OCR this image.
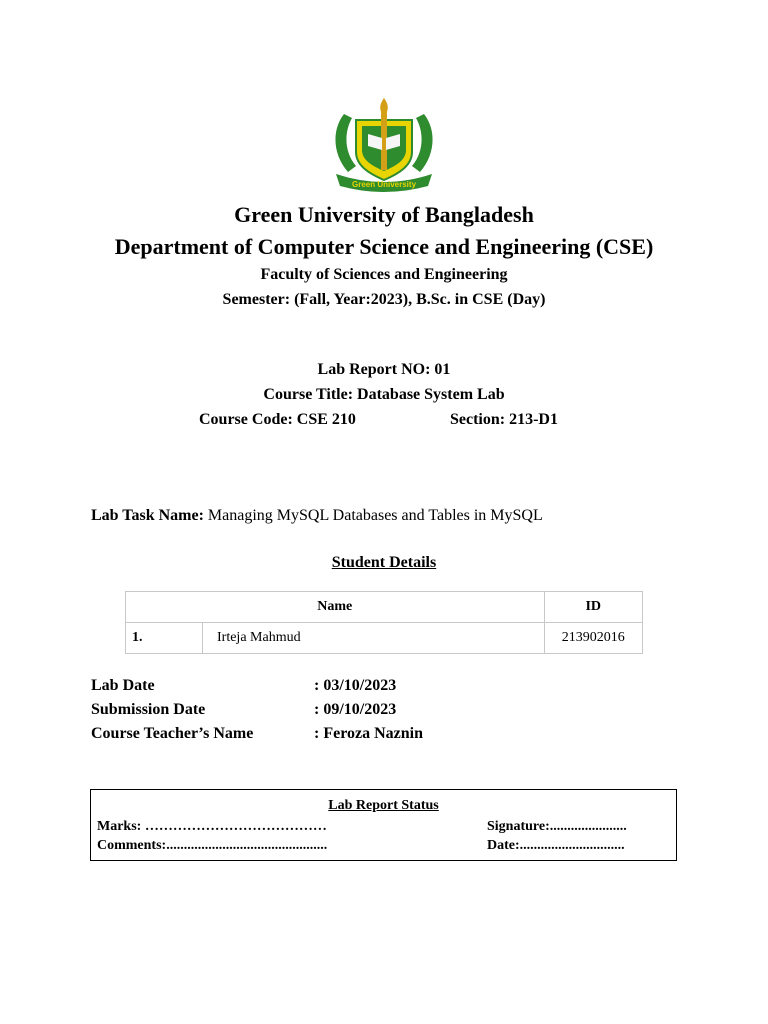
Green University
Green University of Bangladesh
Department of Computer Science and Engineering (CSE)
Faculty of Sciences and Engineering
Semester: (Fall, Year:2023), B.Sc. in CSE (Day)
Lab Report NO: 01
Course Title: Database System Lab
Course Code: CSE 210	Section: 213-D1
Lab Task Name: Managing MySQL Databases and Tables in MySQL
Student Details
Name		ID
1.	Irteja Mahmud	213902016
Lab Date	: 03/10/2023
Submission Date	: 09/10/2023
Course Teacher’s Name	: Feroza Naznin
Lab Report Status
Marks: …………………………………	Signature:......................
Comments:..............................................	Date:..............................
